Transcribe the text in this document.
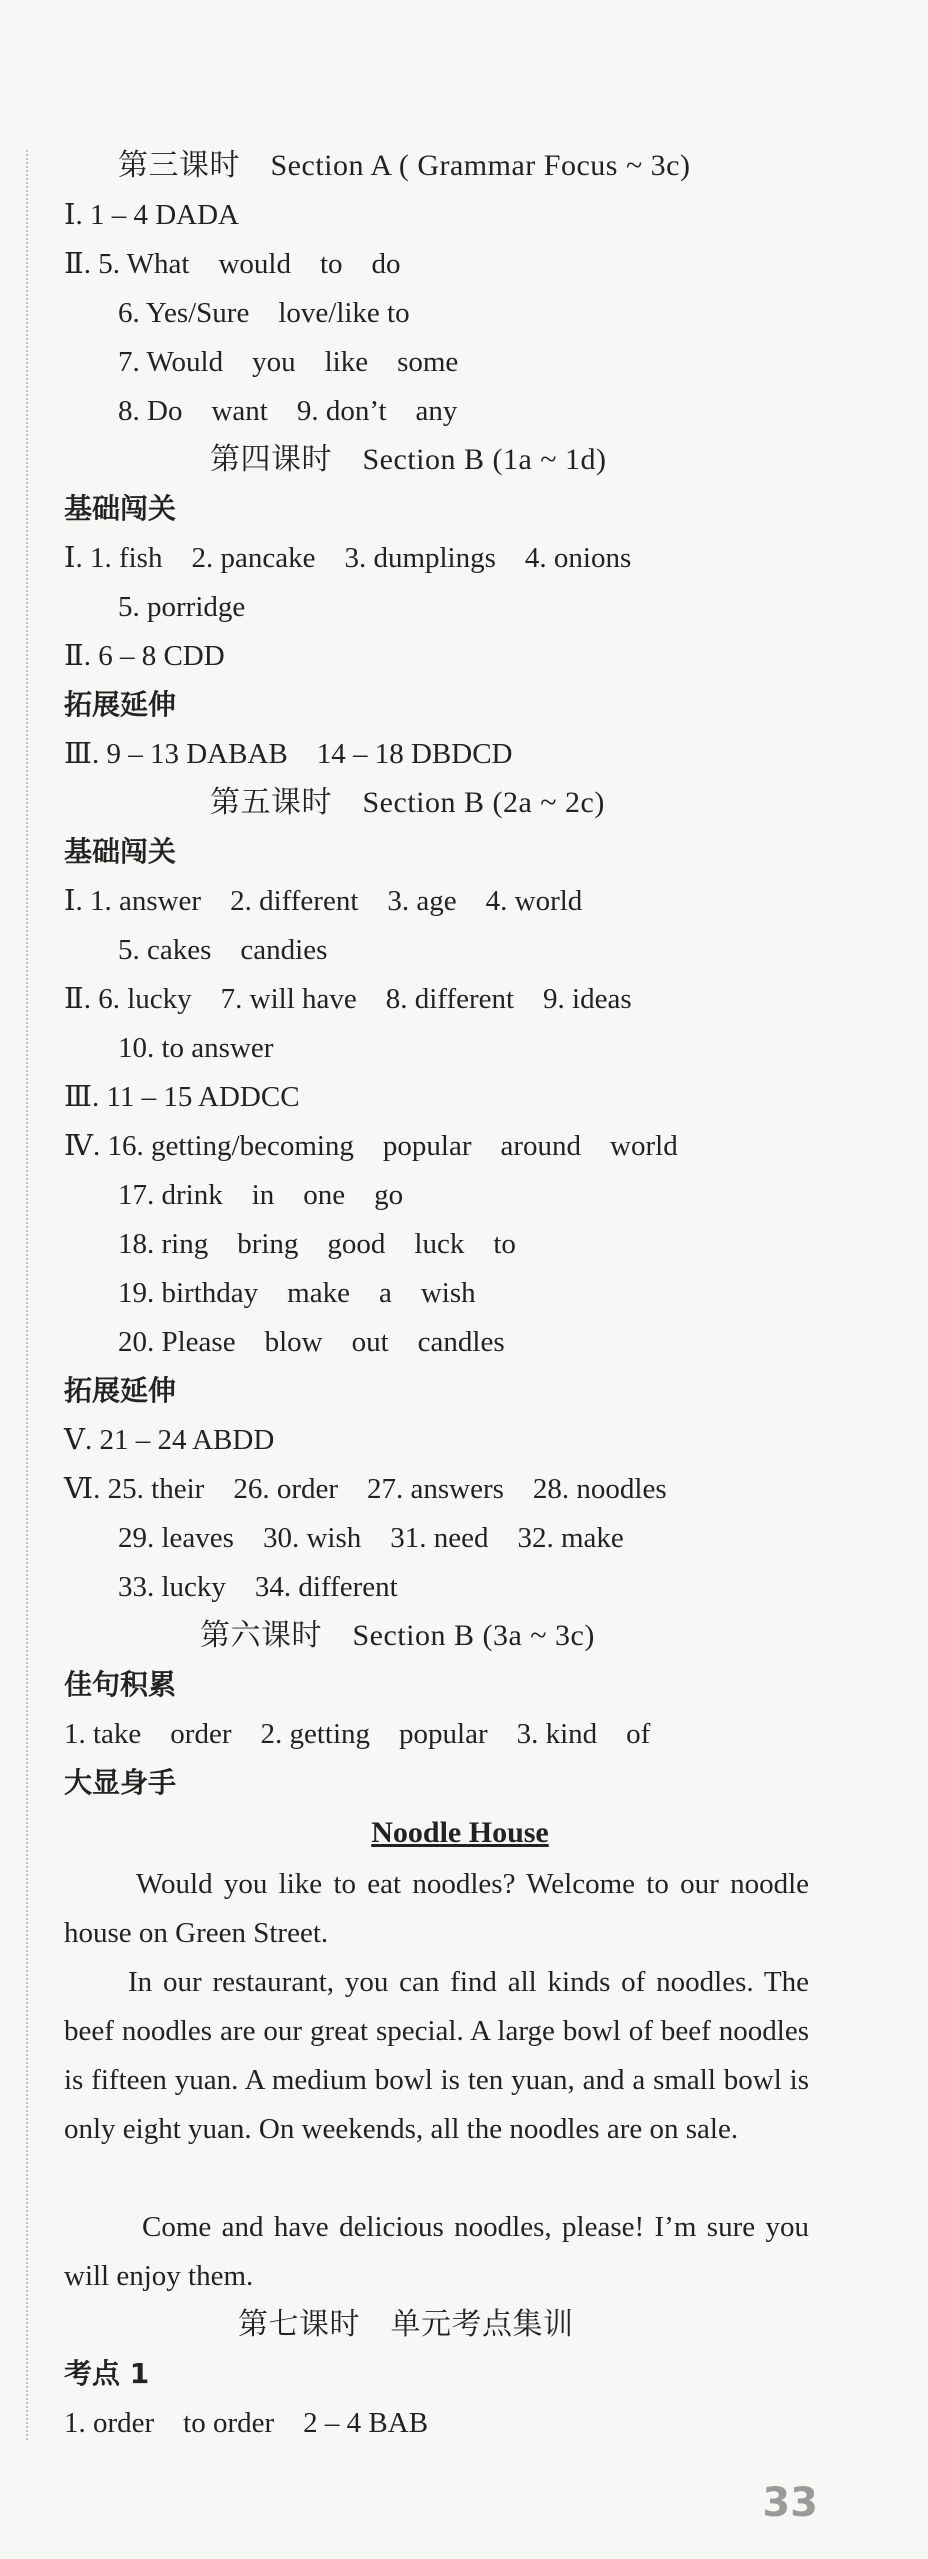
第三课时　Section A ( Grammar Focus ~ 3c)
Ⅰ. 1 – 4 DADA
Ⅱ. 5. What　would　to　do
6. Yes/Sure　love/like to
7. Would　you　like　some
8. Do　want　9. don’t　any
第四课时　Section B (1a ~ 1d)
基础闯关
Ⅰ. 1. fish　2. pancake　3. dumplings　4. onions
5. porridge
Ⅱ. 6 – 8 CDD
拓展延伸
Ⅲ. 9 – 13 DABAB　14 – 18 DBDCD
第五课时　Section B (2a ~ 2c)
基础闯关
Ⅰ. 1. answer　2. different　3. age　4. world
5. cakes　candies
Ⅱ. 6. lucky　7. will have　8. different　9. ideas
10. to answer
Ⅲ. 11 – 15 ADDCC
Ⅳ. 16. getting/becoming　popular　around　world
17. drink　in　one　go
18. ring　bring　good　luck　to
19. birthday　make　a　wish
20. Please　blow　out　candles
拓展延伸
Ⅴ. 21 – 24 ABDD
Ⅵ. 25. their　26. order　27. answers　28. noodles
29. leaves　30. wish　31. need　32. make
33. lucky　34. different
第六课时　Section B (3a ~ 3c)
佳句积累
1. take　order　2. getting　popular　3. kind　of
大显身手
Noodle House
Would you like to eat noodles? Welcome to our noodle house on Green Street.
In our restaurant, you can find all kinds of noodles. The beef noodles are our great special. A large bowl of beef noodles is fifteen yuan. A medium bowl is ten yuan, and a small bowl is only eight yuan. On weekends, all the noodles are on sale.
Come and have delicious noodles, please! I’m sure you will enjoy them.
第七课时　单元考点集训
考点 1
1. order　to order　2 – 4 BAB
33
